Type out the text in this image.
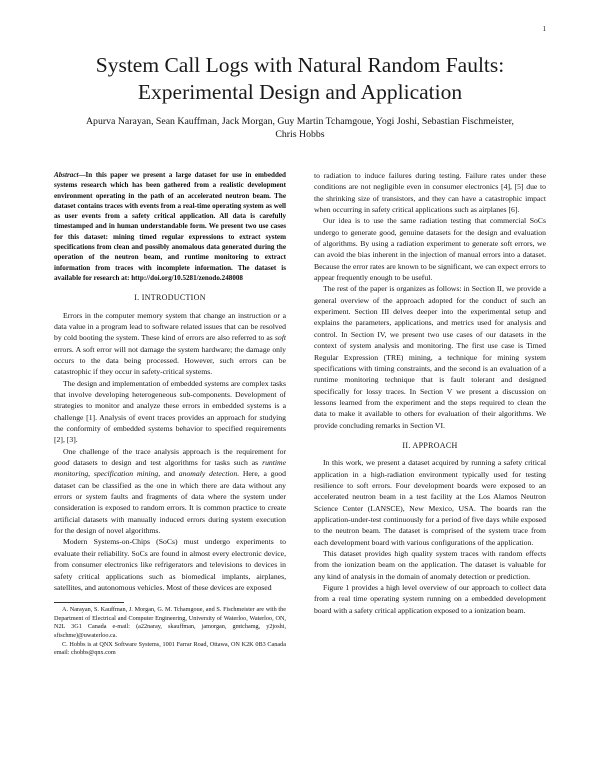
1
System Call Logs with Natural Random Faults:
Experimental Design and Application
Apurva Narayan, Sean Kauffman, Jack Morgan, Guy Martin Tchamgoue, Yogi Joshi, Sebastian Fischmeister,
Chris Hobbs
Abstract—In this paper we present a large dataset for use in embedded systems research which has been gathered from a realistic development environment operating in the path of an accelerated neutron beam. The dataset contains traces with events from a real-time operating system as well as user events from a safety critical application. All data is carefully timestamped and in human understandable form. We present two use cases for this dataset: mining timed regular expressions to extract system specifications from clean and possibly anomalous data generated during the operation of the neutron beam, and runtime monitoring to extract information from traces with incomplete information. The dataset is available for research at: http://doi.org/10.5281/zenodo.248008
I. INTRODUCTION

Errors in the computer memory system that change an instruction or a data value in a program lead to software related issues that can be resolved by cold booting the system. These kind of errors are also referred to as soft errors. A soft error will not damage the system hardware; the damage only occurs to the data being processed. However, such errors can be catastrophic if they occur in safety-critical systems.

The design and implementation of embedded systems are complex tasks that involve developing heterogeneous sub-components. Development of strategies to monitor and analyze these errors in embedded systems is a challenge [1]. Analysis of event traces provides an approach for studying the conformity of embedded systems behavior to specified requirements [2], [3].

One challenge of the trace analysis approach is the requirement for good datasets to design and test algorithms for tasks such as runtime monitoring, specification mining, and anomaly detection. Here, a good dataset can be classified as the one in which there are data without any errors or system faults and fragments of data where the system under consideration is exposed to random errors. It is common practice to create artificial datasets with manually induced errors during system execution for the design of novel algorithms.

Modern Systems-on-Chips (SoCs) must undergo experiments to evaluate their reliability. SoCs are found in almost every electronic device, from consumer electronics like refrigerators and televisions to devices in safety critical applications such as biomedical implants, airplanes, satellites, and autonomous vehicles. Most of these devices are exposed

A. Narayan, S. Kauffman, J. Morgan, G. M. Tchamgoue, and S. Fischmeister are with the Department of Electrical and Computer Engineering, University of Waterloo, Waterloo, ON, N2L 3G1 Canada e-mail: (a22naray, skauffman, jamorgan, gmtchamg, y2joshi, sfischme)@uwaterloo.ca.

C. Hobbs is at QNX Software Systems, 1001 Farrar Road, Ottawa, ON K2K 0B3 Canada email: chobbs@qnx.com

to radiation to induce failures during testing. Failure rates under these conditions are not negligible even in consumer electronics [4], [5] due to the shrinking size of transistors, and they can have a catastrophic impact when occurring in safety critical applications such as airplanes [6].

Our idea is to use the same radiation testing that commercial SoCs undergo to generate good, genuine datasets for the design and evaluation of algorithms. By using a radiation experiment to generate soft errors, we can avoid the bias inherent in the injection of manual errors into a dataset. Because the error rates are known to be significant, we can expect errors to appear frequently enough to be useful.

The rest of the paper is organizes as follows: in Section II, we provide a general overview of the approach adopted for the conduct of such an experiment. Section III delves deeper into the experimental setup and explains the parameters, applications, and metrics used for analysis and control. In Section IV, we present two use cases of our datasets in the context of system analysis and monitoring. The first use case is Timed Regular Expression (TRE) mining, a technique for mining system specifications with timing constraints, and the second is an evaluation of a runtime monitoring technique that is fault tolerant and designed specifically for lossy traces. In Section V we present a discussion on lessons learned from the experiment and the steps required to clean the data to make it available to others for evaluation of their algorithms. We provide concluding remarks in Section VI.

II. APPROACH

In this work, we present a dataset acquired by running a safety critical application in a high-radiation environment typically used for testing resilience to soft errors. Four development boards were exposed to an accelerated neutron beam in a test facility at the Los Alamos Neutron Science Center (LANSCE), New Mexico, USA. The boards ran the application-under-test continuously for a period of five days while exposed to the neutron beam. The dataset is comprised of the system trace from each development board with various configurations of the application.

This dataset provides high quality system traces with random effects from the ionization beam on the application. The dataset is valuable for any kind of analysis in the domain of anomaly detection or prediction.

Figure 1 provides a high level overview of our approach to collect data from a real time operating system running on a embedded development board with a safety critical application exposed to a ionization beam.
